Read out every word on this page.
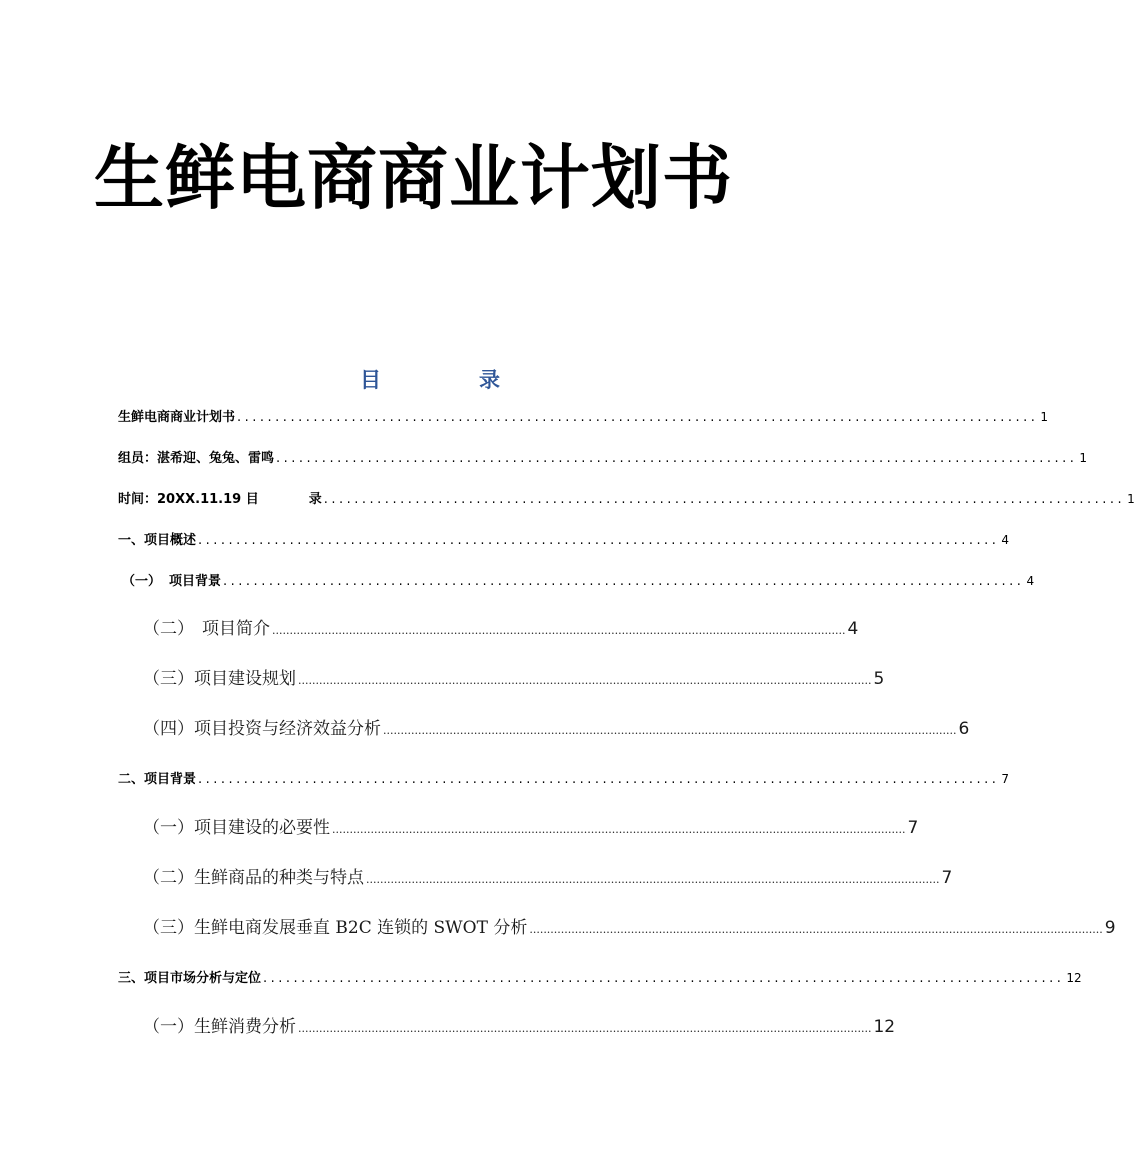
生鲜电商商业计划书
目	录
生鲜电商商业计划书 ......................................................................................................... 1
组员：湛希迎、兔兔、雷鸣 ......................................................................................................... 1
时间：20XX.11.19 目	录 ......................................................................................................... 1
一、项目概述 ......................................................................................................... 4
（一） 项目背景 ......................................................................................................... 4
（二） 项目简介 .................................................................................................................................................................... 4
（三）项目建设规划 .................................................................................................................................................................... 5
（四）项目投资与经济效益分析 .................................................................................................................................................................... 6
二、项目背景 ......................................................................................................... 7
（一）项目建设的必要性 .................................................................................................................................................................... 7
（二）生鲜商品的种类与特点 .................................................................................................................................................................... 7
（三）生鲜电商发展垂直 B2C 连锁的 SWOT 分析 .................................................................................................................................................................... 9
三、项目市场分析与定位 ......................................................................................................... 12
（一）生鲜消费分析 .................................................................................................................................................................... 12
